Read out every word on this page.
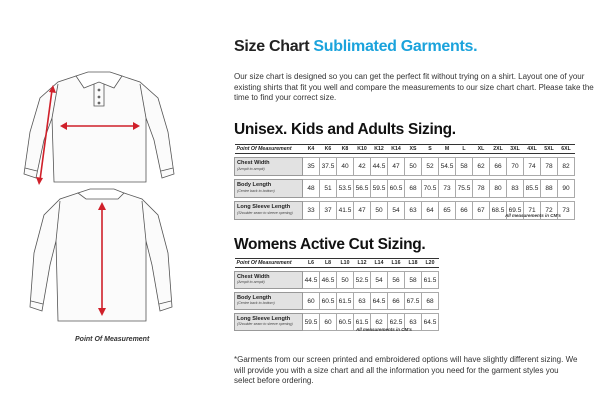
Point Of Measurement
Size Chart Sublimated Garments.
Our size chart is designed so you can get the perfect fit without trying on a shirt. Layout one of your existing shirts that fit you well and compare the measurements to our size chart chart. Please take the time to find your correct size.
Unisex. Kids and Adults Sizing.
Point Of Measurement	K4	K6	K8	K10	K12	K14	XS	S	M	L	XL	2XL	3XL	4XL	5XL	6XL

Chest Width
(Armpit to armpit)	35	37.5	40	42	44.5	47	50	52	54.5	58	62	66	70	74	78	82

Body Length
(Centre back to bottom)	48	51	53.5	56.5	59.5	60.5	68	70.5	73	75.5	78	80	83	85.5	88	90

Long Sleeve Length
(Shoulder seam to sleeve opening)	33	37	41.5	47	50	54	63	64	65	66	67	68.5	69.5	71	72	73
All measurements in CM's
Womens Active Cut Sizing.
Point Of Measurement	L6	L8	L10	L12	L14	L16	L18	L20

Chest Width
(Armpit to armpit)	44.5	46.5	50	52.5	54	56	58	61.5

Body Length
(Centre back to bottom)	60	60.5	61.5	63	64.5	66	67.5	68

Long Sleeve Length
(Shoulder seam to sleeve opening)	59.5	60	60.5	61.5	62	62.5	63	64.5
All measurements in CM's
*Garments from our screen printed and embroidered options will have slightly different sizing. We will provide you with a size chart and all the information you need for the garment styles you select before ordering.
